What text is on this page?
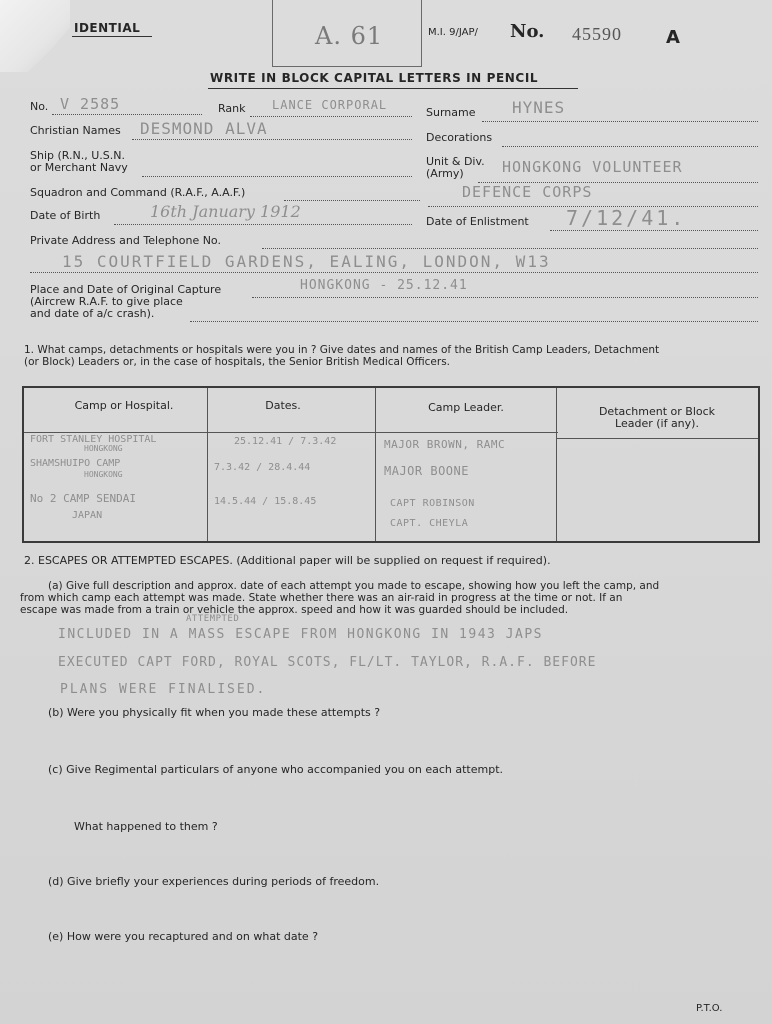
IDENTIAL	A. 61	M.I. 9/JAP/ No. 45590 A
WRITE IN BLOCK CAPITAL LETTERS IN PENCIL
No. V 2585	Rank LANCE CORPORAL
Surname HYNES
Christian Names DESMOND ALVA	Decorations
Ship (R.N., U.S.N.
or Merchant Navy	Unit & Div.
(Army)	HONGKONG VOLUNTEER
DEFENCE CORPS
Squadron and Command (R.A.F., A.A.F.)
Date of Birth	16th January 1912
Date of Enlistment 7/12/41.
Private Address and Telephone No.
15 COURTFIELD GARDENS, EALING, LONDON, W13
Place and Date of Original Capture
(Aircrew R.A.F. to give place
and date of a/c crash).
HONGKONG - 25.12.41
1. What camps, detachments or hospitals were you in ? Give dates and names of the British Camp Leaders, Detachment
(or Block) Leaders or, in the case of hospitals, the Senior British Medical Officers.
Camp or Hospital.	Dates.	Camp Leader.	Detachment or Block
Leader (if any).
FORT STANLEY HOSPITAL
HONGKONG
25.12.41 / 7.3.42	MAJOR BROWN, RAMC
SHAMSHUIPO CAMP
HONGKONG
7.3.42 / 28.4.44	MAJOR BOONE
No 2 CAMP SENDAI
JAPAN
14.5.44 / 15.8.45	CAPT ROBINSON
CAPT. CHEYLA
2. ESCAPES OR ATTEMPTED ESCAPES. (Additional paper will be supplied on request if required).
(a) Give full description and approx. date of each attempt you made to escape, showing how you left the camp, and
from which camp each attempt was made. State whether there was an air-raid in progress at the time or not. If an
escape was made from a train or vehicle the approx. speed and how it was guarded should be included.
ATTEMPTED
INCLUDED IN A MASS ESCAPE FROM HONGKONG IN 1943 JAPS
EXECUTED CAPT FORD, ROYAL SCOTS, FL/LT. TAYLOR, R.A.F. BEFORE
PLANS WERE FINALISED.
(b) Were you physically fit when you made these attempts ?
(c) Give Regimental particulars of anyone who accompanied you on each attempt.
What happened to them ?
(d) Give briefly your experiences during periods of freedom.
(e) How were you recaptured and on what date ?
P.T.O.
